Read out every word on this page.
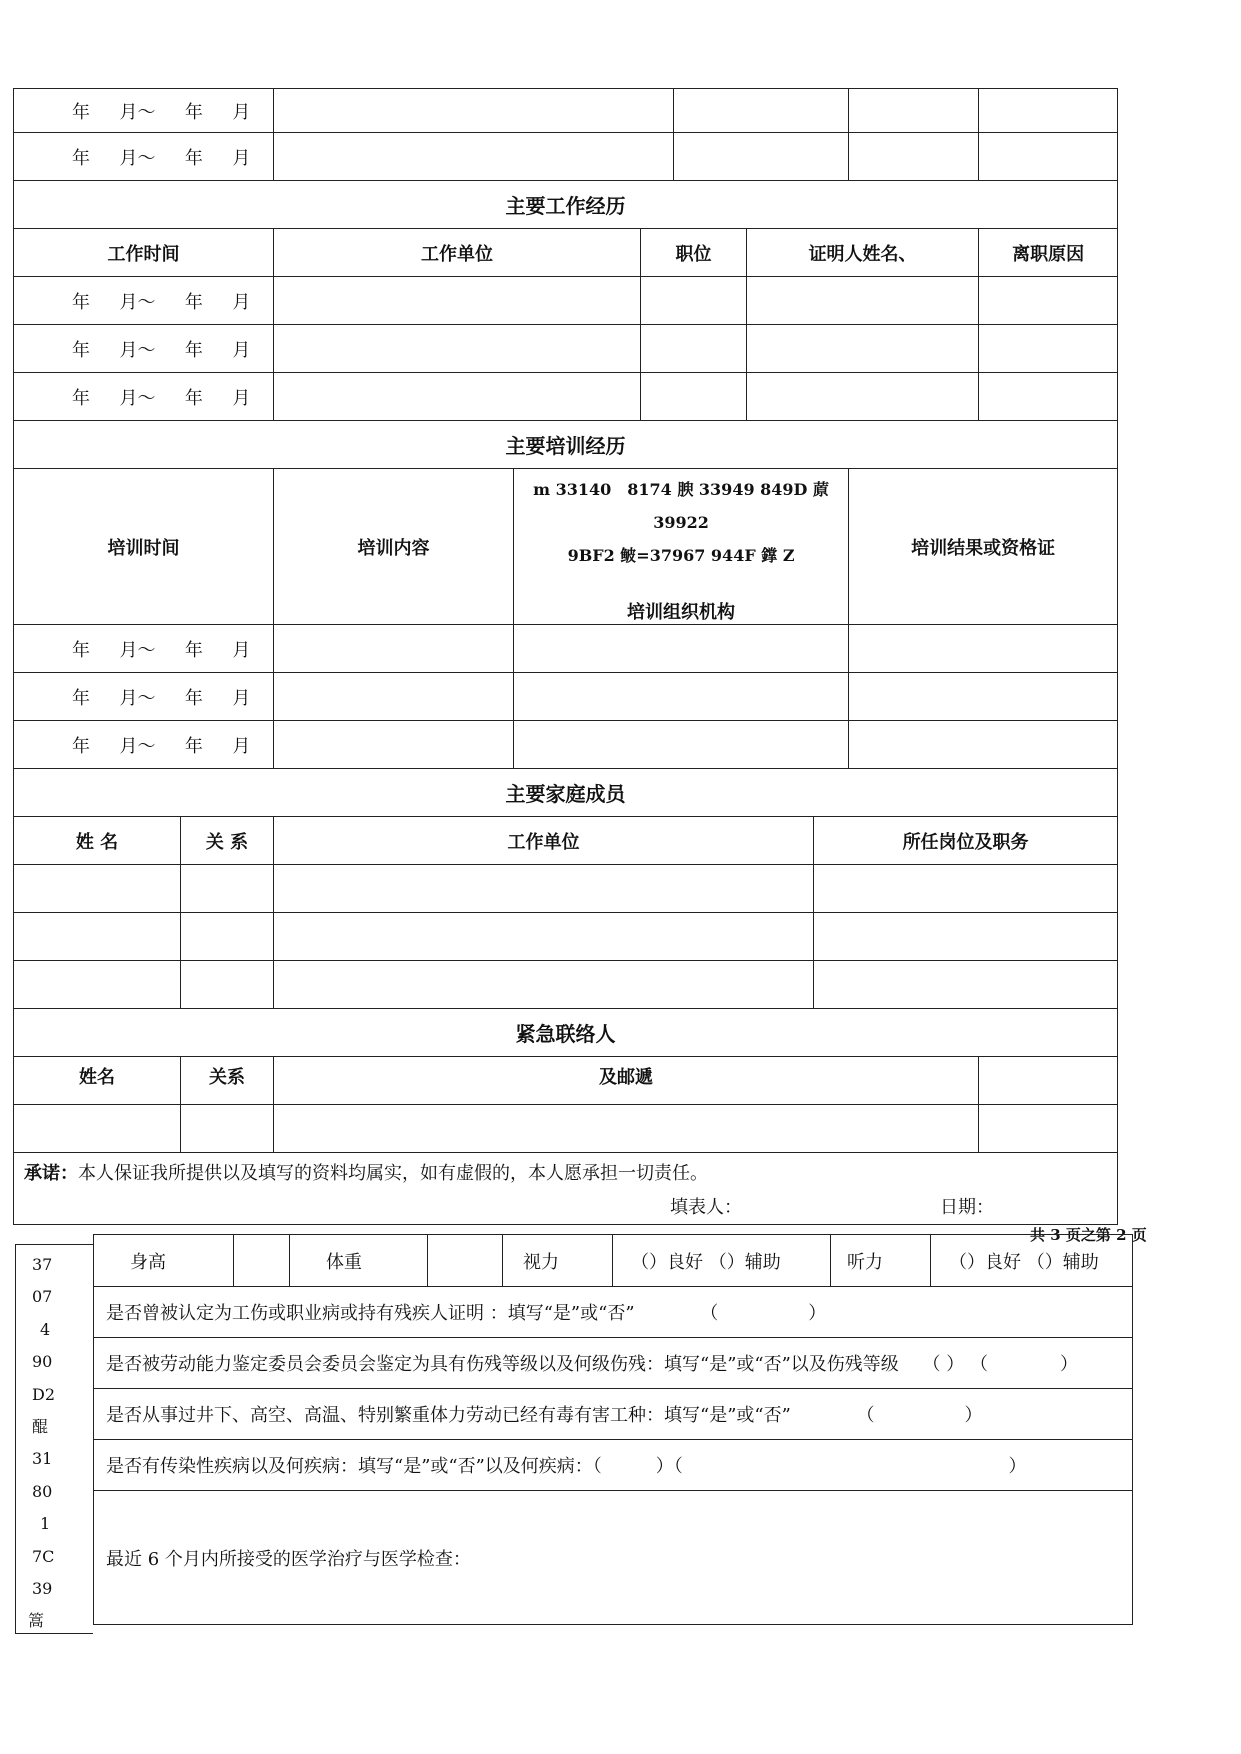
年　  月～　  年　  月									
年　  月～　  年　  月									
主要工作经历									
工作时间		工作单位		职位		证明人姓名、			离职原因
年　  月～　  年　  月									
年　  月～　  年　  月									
年　  月～　  年　  月									
主要培训经历									
培训时间		培训内容	m 33140　8174 腴 33949 849D 蒝 39922
9BF2 鲏=37967 944F 鐣 Z
培训组织机构					培训结果或资格证	
年　  月～　  年　  月									
年　  月～　  年　  月									
年　  月～　  年　  月									
主要家庭成员									
姓 名	关 系	工作单位					所任岗位及职务		

紧急联络人									
姓名	关系	及邮遞							

承诺：本人保证我所提供以及填写的资料均属实，如有虚假的，本人愿承担一切责任。
填表人： 日期：									
共 3 页之第 2 页
37
07
4
90
D2
醌
31
80
1
7C
39
篙
身高		体重		视力	（）良好 （）辅助	听力	（）良好 （）辅助
是否曾被认定为工伤或职业病或持有残疾人证明 ：填写“是”或“否”	（　　　　　）
是否被劳动能力鉴定委员会委员会鉴定为具有伤残等级以及何级伤残：填写“是”或“否”以及伤残等级 （ ） （　　　　）
是否从事过井下、高空、高温、特别繁重体力劳动已经有毒有害工种：填写“是”或“否”	（　　　　　）
是否有传染性疾病以及何疾病：填写“是”或“否”以及何疾病：（　　　）（	）
最近 6 个月内所接受的医学治疗与医学检查：
